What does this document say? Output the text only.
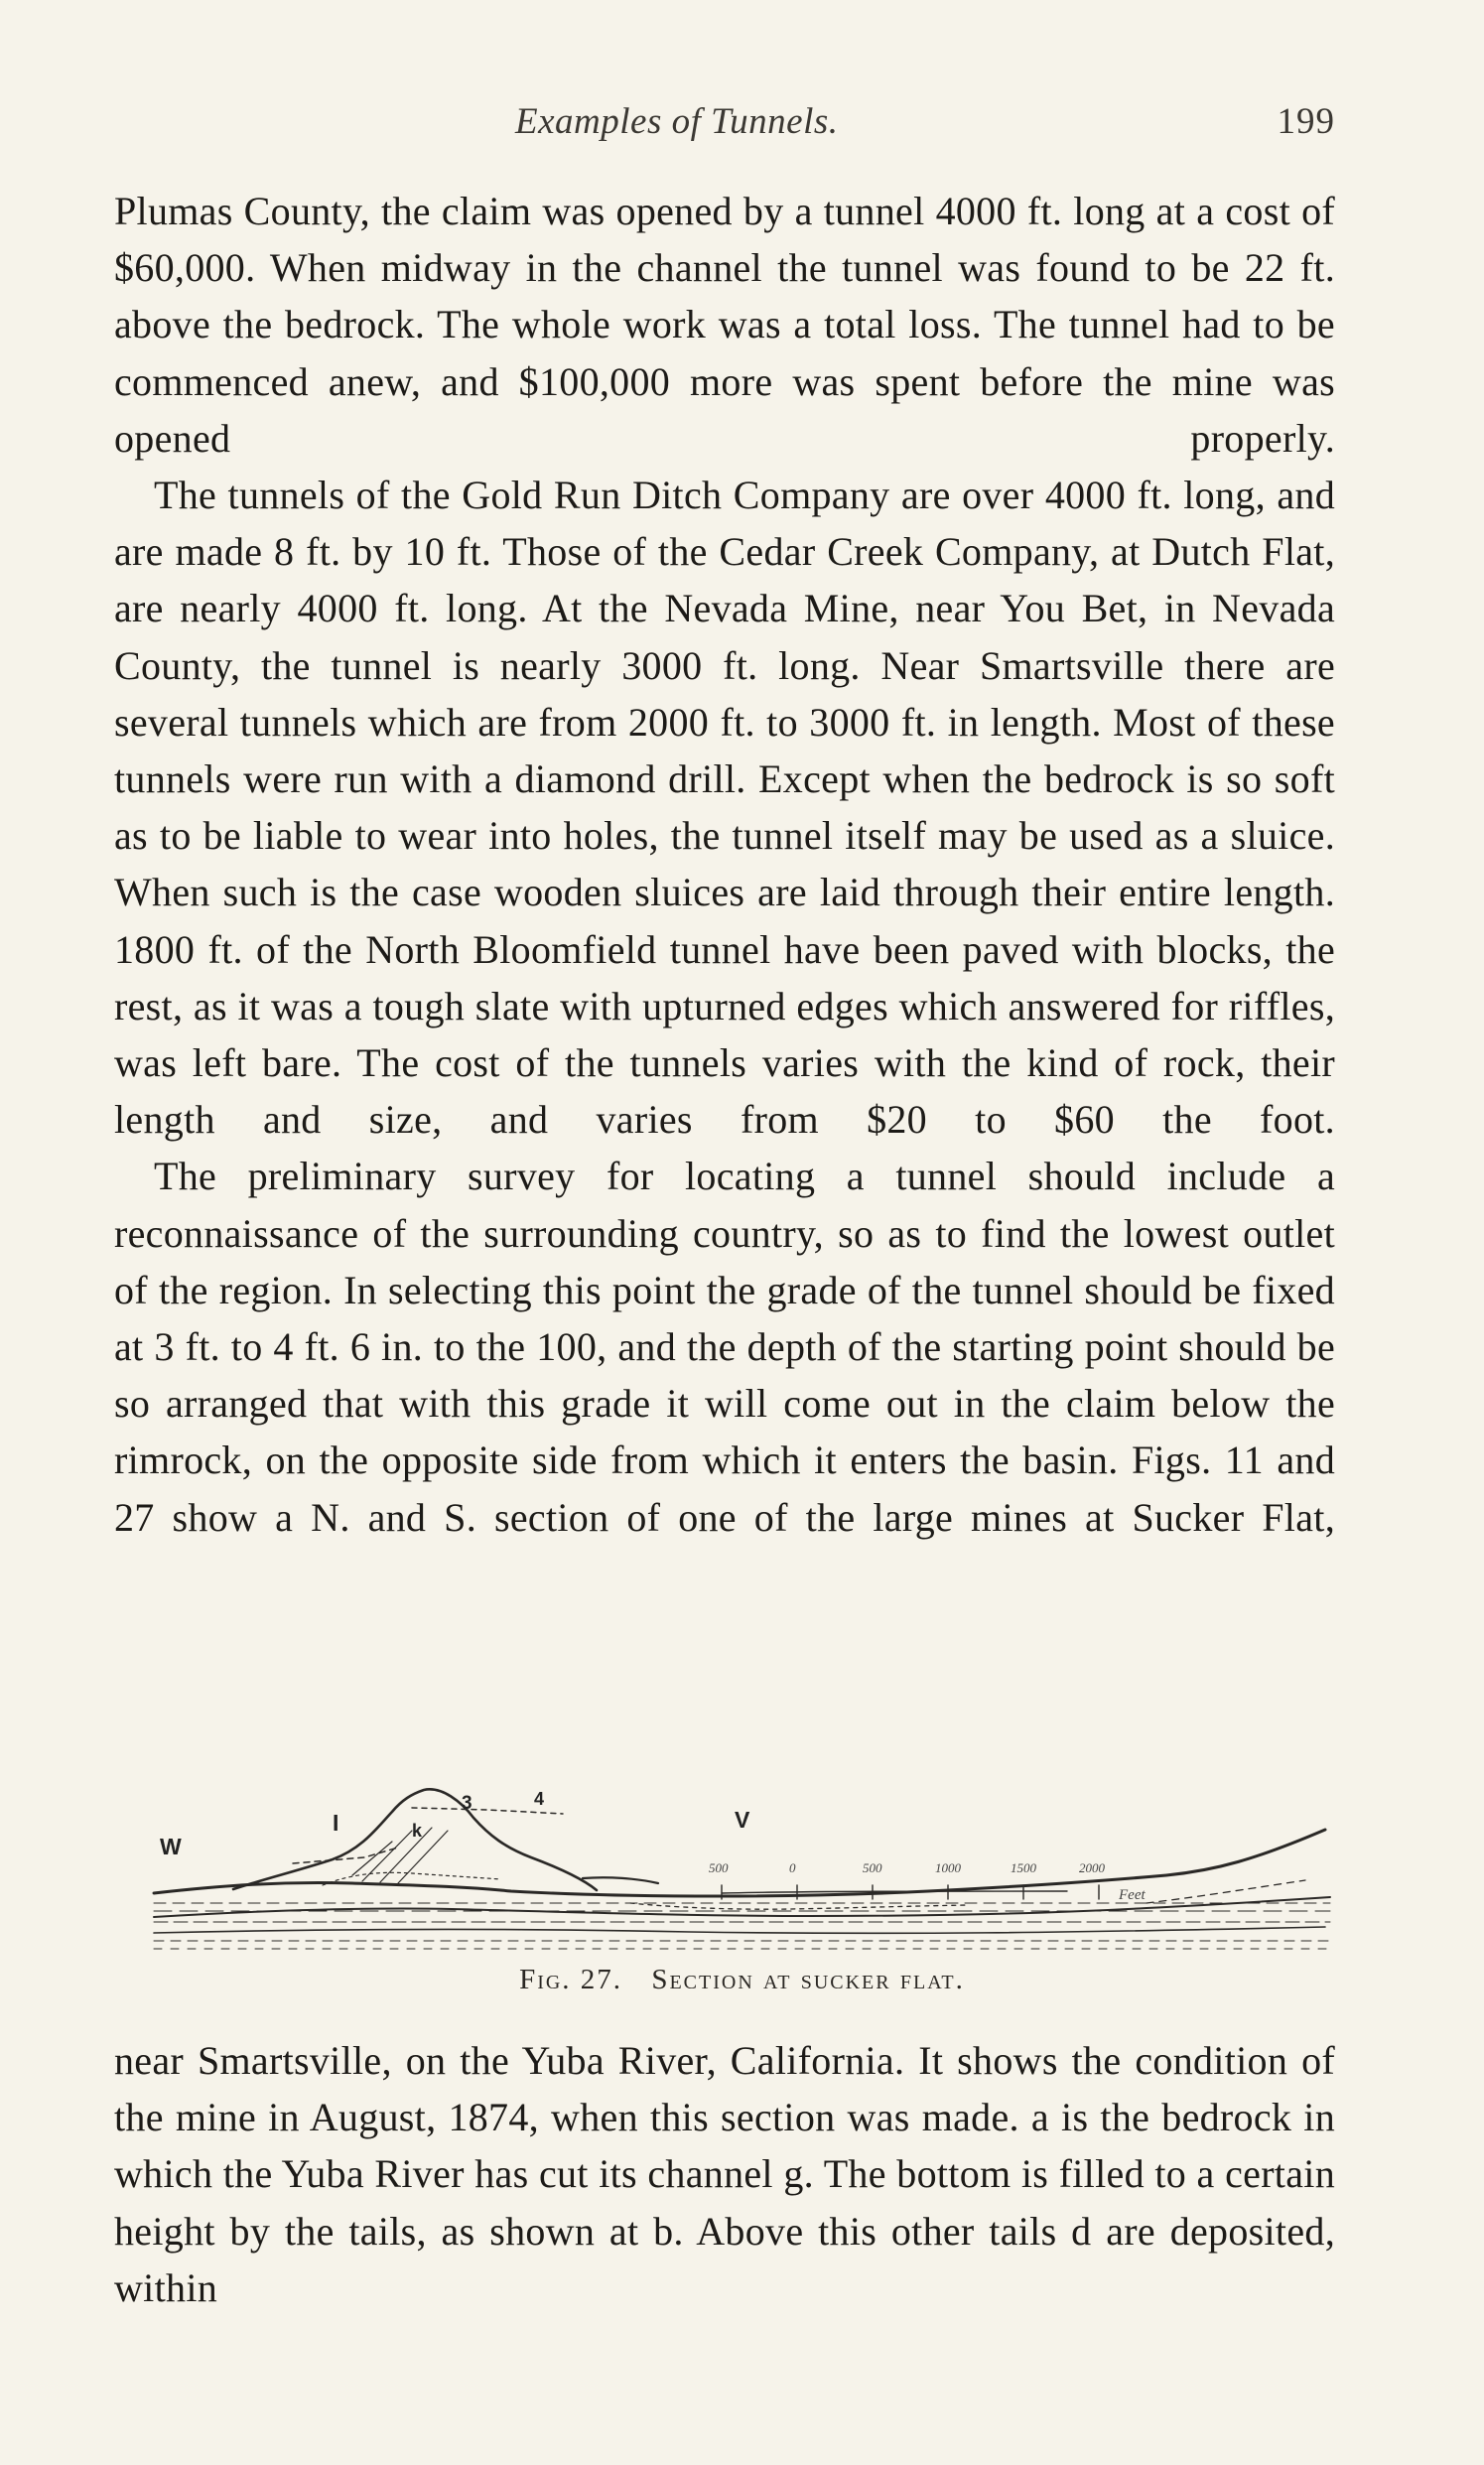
Examples of Tunnels.	199

Plumas County, the claim was opened by a tunnel 4000 ft. long at a cost of $60,000. When midway in the channel the tunnel was found to be 22 ft. above the bedrock. The whole work was a total loss. The tunnel had to be commenced anew, and $100,000 more was spent before the mine was opened properly.

The tunnels of the Gold Run Ditch Company are over 4000 ft. long, and are made 8 ft. by 10 ft. Those of the Cedar Creek Company, at Dutch Flat, are nearly 4000 ft. long. At the Nevada Mine, near You Bet, in Nevada County, the tunnel is nearly 3000 ft. long. Near Smartsville there are several tunnels which are from 2000 ft. to 3000 ft. in length. Most of these tunnels were run with a diamond drill. Except when the bedrock is so soft as to be liable to wear into holes, the tunnel itself may be used as a sluice. When such is the case wooden sluices are laid through their entire length. 1800 ft. of the North Bloomfield tunnel have been paved with blocks, the rest, as it was a tough slate with upturned edges which answered for riffles, was left bare. The cost of the tunnels varies with the kind of rock, their length and size, and varies from $20 to $60 the foot.

The preliminary survey for locating a tunnel should include a reconnaissance of the surrounding country, so as to find the lowest outlet of the region. In selecting this point the grade of the tunnel should be fixed at 3 ft. to 4 ft. 6 in. to the 100, and the depth of the starting point should be so arranged that with this grade it will come out in the claim below the rimrock, on the opposite side from which it enters the basin. Figs. 11 and 27 show a N. and S. section of one of the large mines at Sucker Flat,

W
V
I	k
3	4
500	0	500	1000	1500	2000
Feet
Fig. 27. Section at sucker flat.

near Smartsville, on the Yuba River, California. It shows the condition of the mine in August, 1874, when this section was made. a is the bedrock in which the Yuba River has cut its channel g. The bottom is filled to a certain height by the tails, as shown at b. Above this other tails d are deposited, within
